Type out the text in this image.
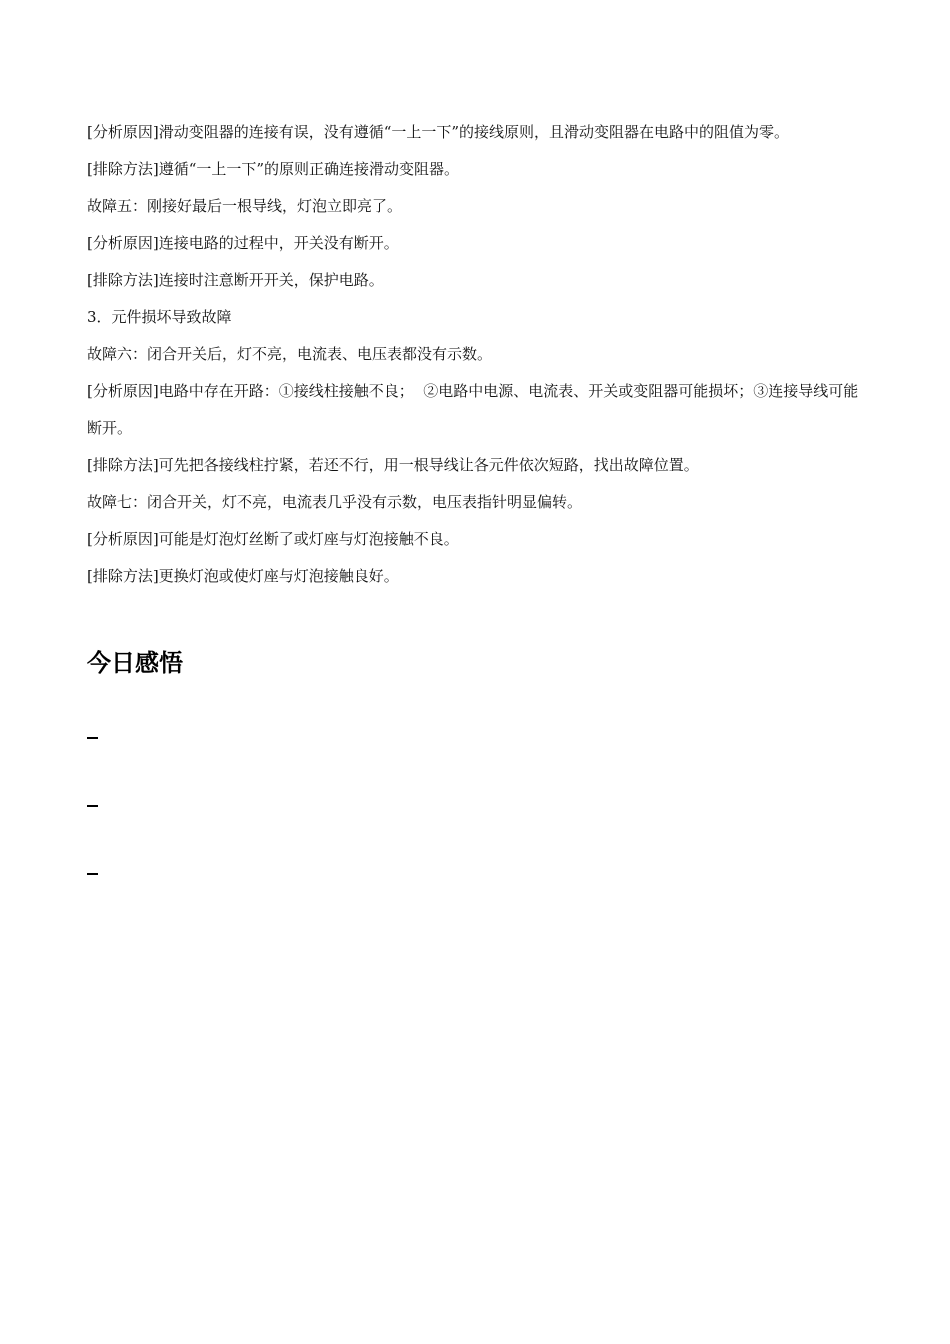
[分析原因]滑动变阻器的连接有误，没有遵循“一上一下”的接线原则，且滑动变阻器在电路中的阻值为零。

[排除方法]遵循“一上一下”的原则正确连接滑动变阻器。

故障五：刚接好最后一根导线，灯泡立即亮了。

[分析原因]连接电路的过程中，开关没有断开。

[排除方法]连接时注意断开开关，保护电路。

3．元件损坏导致故障

故障六：闭合开关后，灯不亮，电流表、电压表都没有示数。

[分析原因]电路中存在开路：①接线柱接触不良；  ②电路中电源、电流表、开关或变阻器可能损坏；③连接导线可能断开。

[排除方法]可先把各接线柱拧紧，若还不行，用一根导线让各元件依次短路，找出故障位置。

故障七：闭合开关，灯不亮，电流表几乎没有示数，电压表指针明显偏转。

[分析原因]可能是灯泡灯丝断了或灯座与灯泡接触不良。

[排除方法]更换灯泡或使灯座与灯泡接触良好。

今日感悟
